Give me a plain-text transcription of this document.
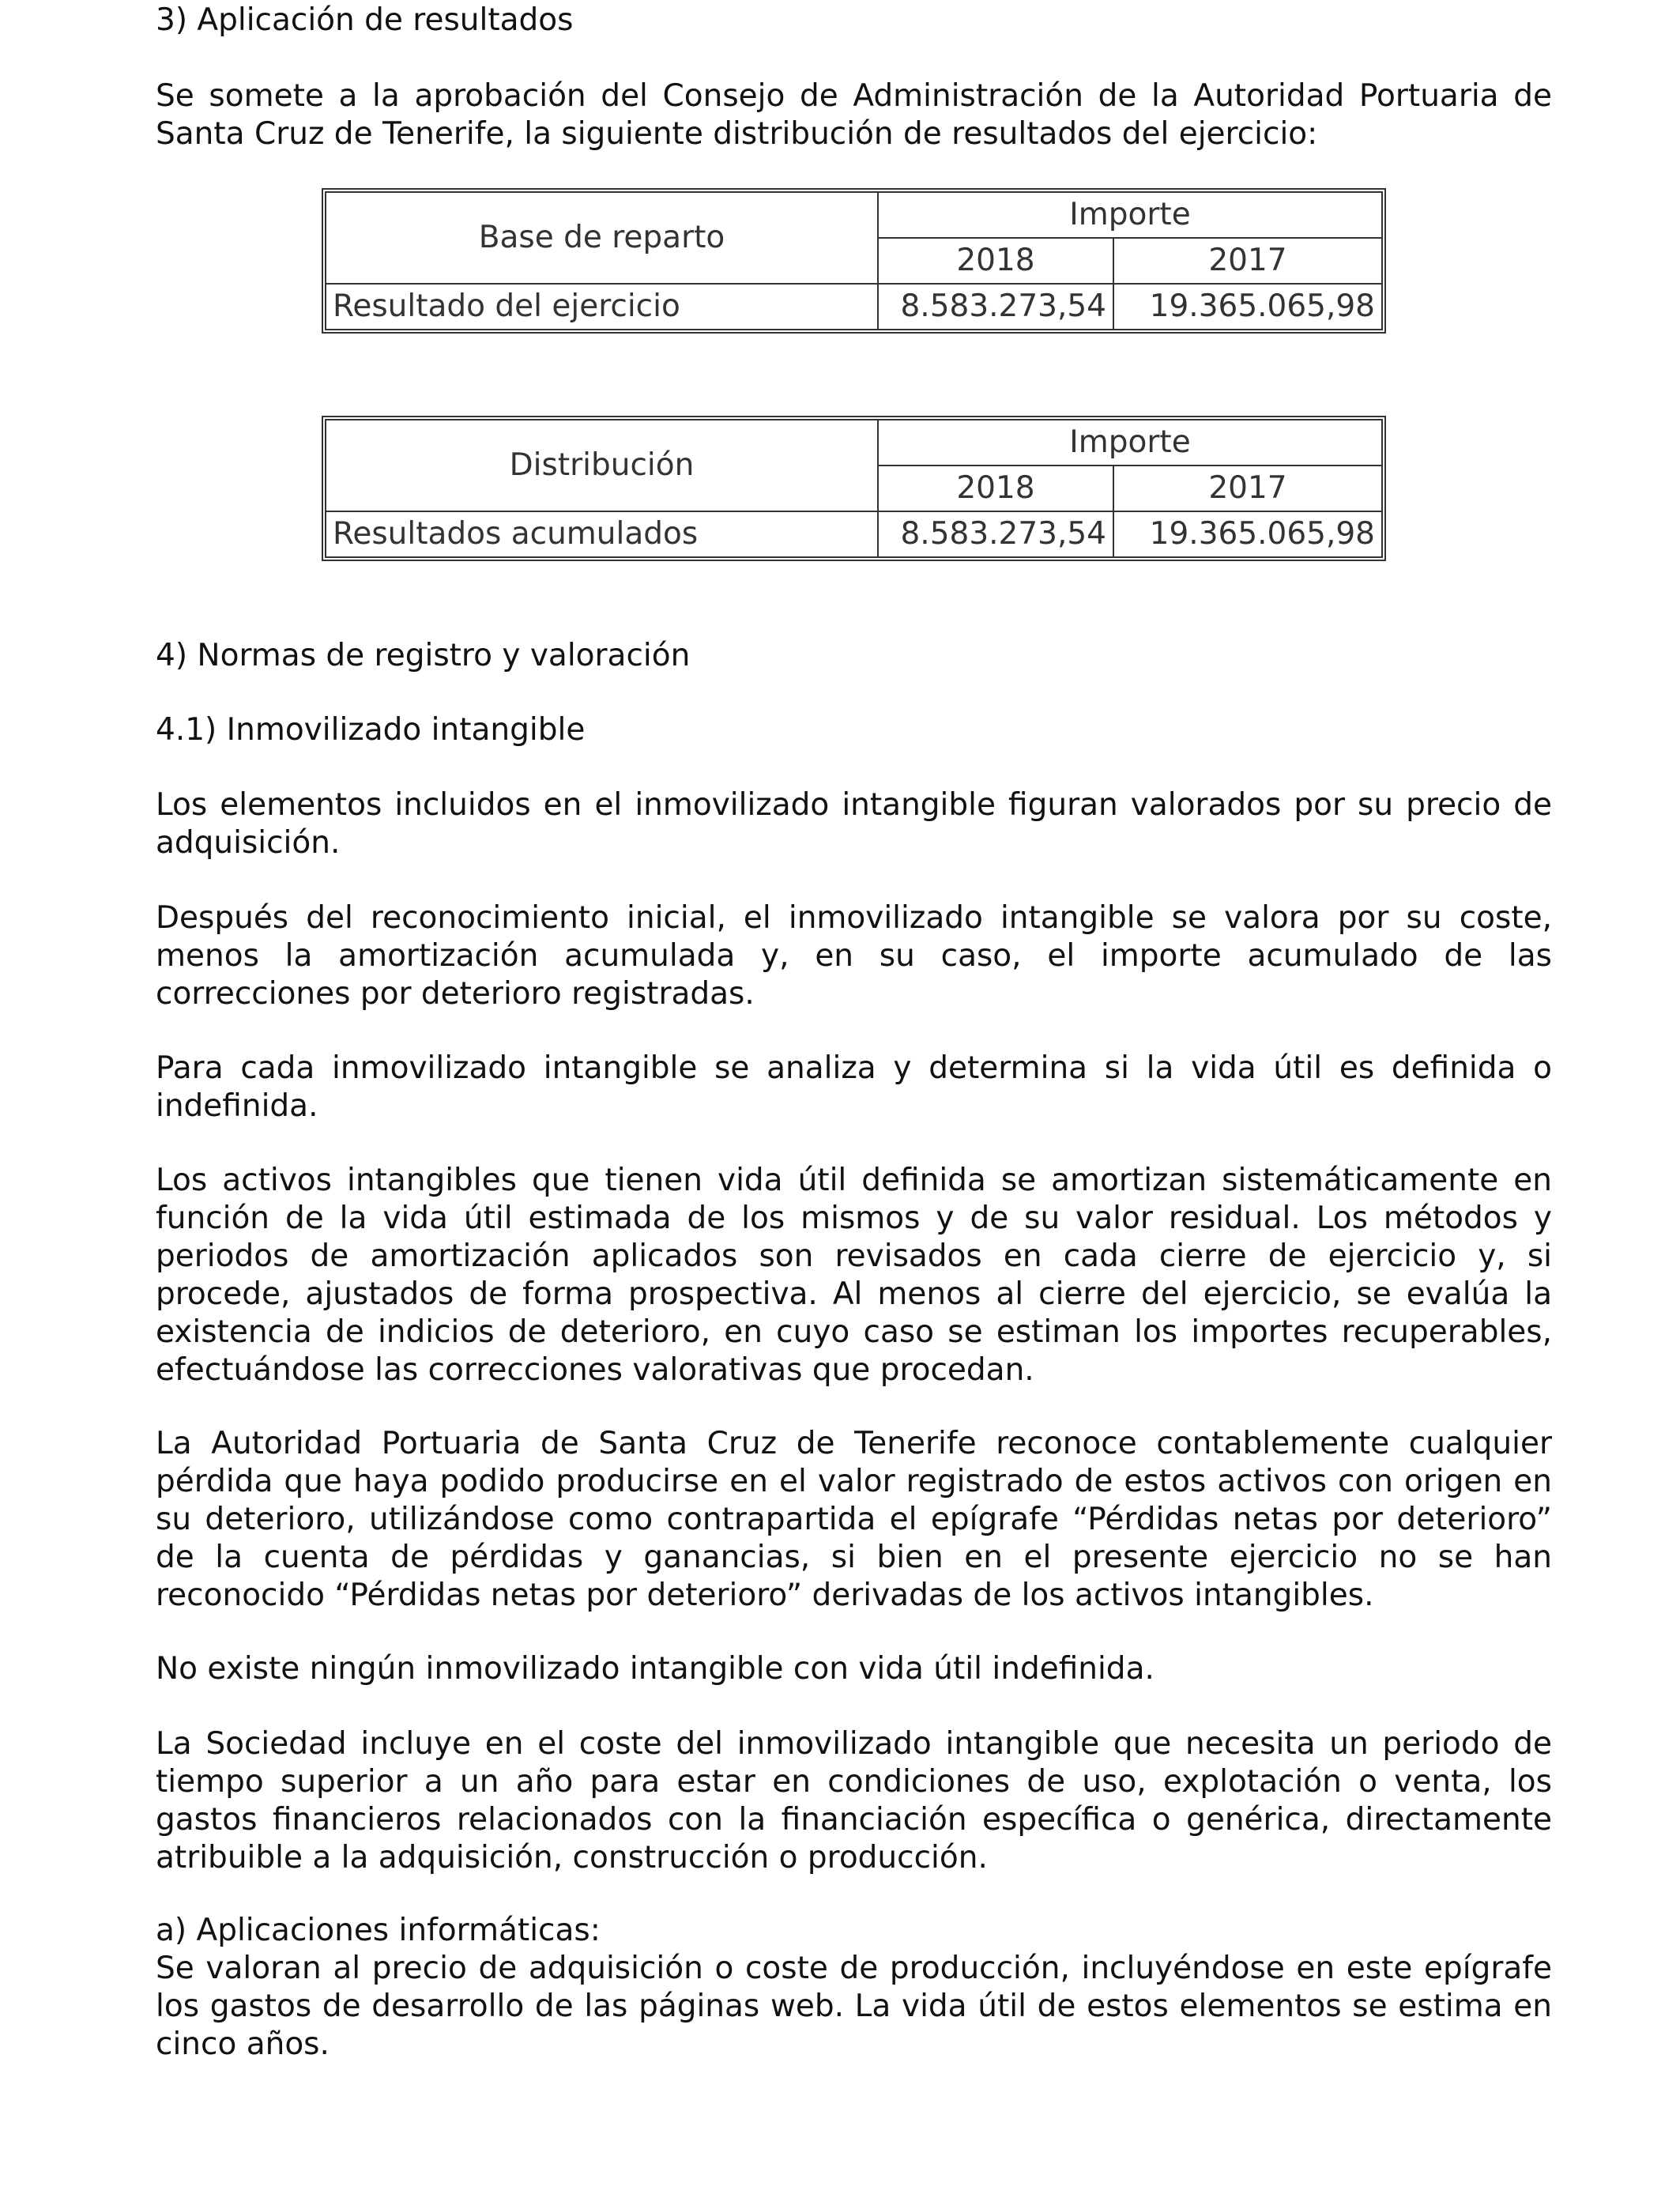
3) Aplicación de resultados
Se somete a la aprobación del Consejo de Administración de la Autoridad Portuaria de
Santa Cruz de Tenerife, la siguiente distribución de resultados del ejercicio:
Base de reparto	Importe	
	2018	2017
Resultado del ejercicio	8.583.273,54	19.365.065,98
Distribución	Importe	
	2018	2017
Resultados acumulados	8.583.273,54	19.365.065,98
4) Normas de registro y valoración
4.1) Inmovilizado intangible
Los elementos incluidos en el inmovilizado intangible figuran valorados por su precio de
adquisición.
Después del reconocimiento inicial, el inmovilizado intangible se valora por su coste,
menos la amortización acumulada y, en su caso, el importe acumulado de las
correcciones por deterioro registradas.
Para cada inmovilizado intangible se analiza y determina si la vida útil es definida o
indefinida.
Los activos intangibles que tienen vida útil definida se amortizan sistemáticamente en
función de la vida útil estimada de los mismos y de su valor residual. Los métodos y
periodos de amortización aplicados son revisados en cada cierre de ejercicio y, si
procede, ajustados de forma prospectiva. Al menos al cierre del ejercicio, se evalúa la
existencia de indicios de deterioro, en cuyo caso se estiman los importes recuperables,
efectuándose las correcciones valorativas que procedan.
La Autoridad Portuaria de Santa Cruz de Tenerife reconoce contablemente cualquier
pérdida que haya podido producirse en el valor registrado de estos activos con origen en
su deterioro, utilizándose como contrapartida el epígrafe “Pérdidas netas por deterioro”
de la cuenta de pérdidas y ganancias, si bien en el presente ejercicio no se han
reconocido “Pérdidas netas por deterioro” derivadas de los activos intangibles.
No existe ningún inmovilizado intangible con vida útil indefinida.
La Sociedad incluye en el coste del inmovilizado intangible que necesita un periodo de
tiempo superior a un año para estar en condiciones de uso, explotación o venta, los
gastos financieros relacionados con la financiación específica o genérica, directamente
atribuible a la adquisición, construcción o producción.
a) Aplicaciones informáticas:
Se valoran al precio de adquisición o coste de producción, incluyéndose en este epígrafe
los gastos de desarrollo de las páginas web. La vida útil de estos elementos se estima en
cinco años.
